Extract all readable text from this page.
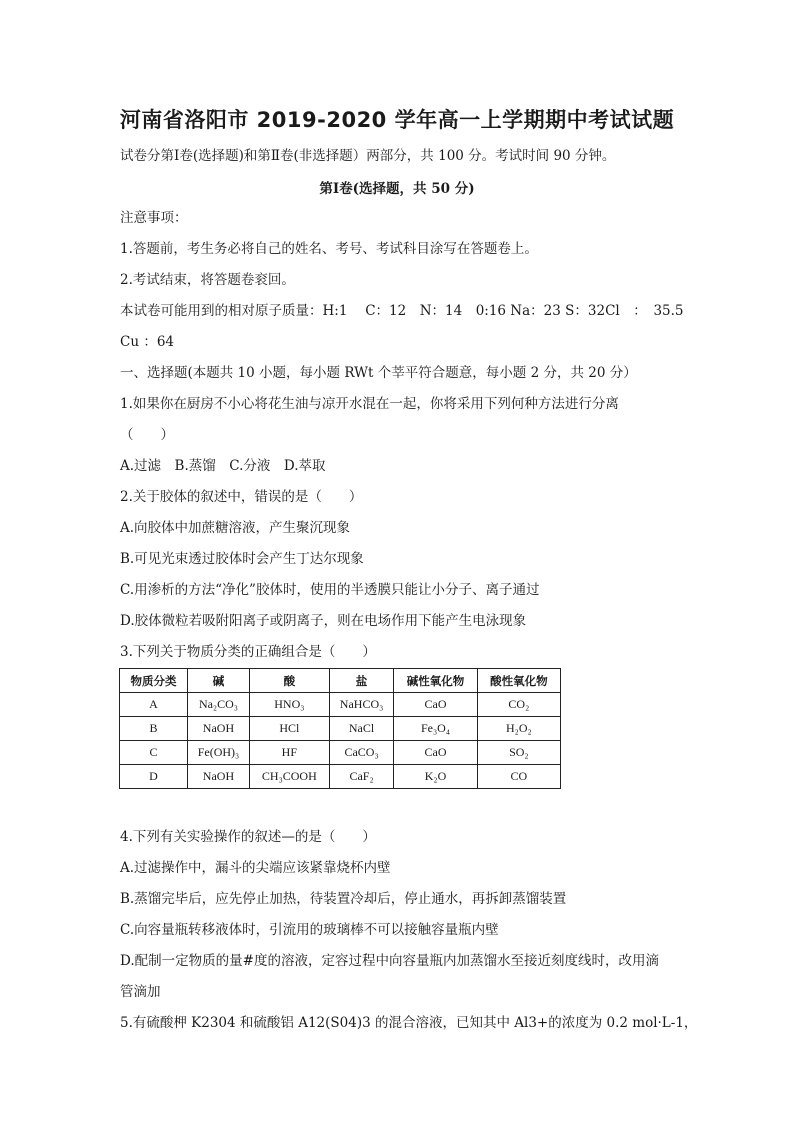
河南省洛阳市 2019-2020 学年高一上学期期中考试试题
试卷分第Ⅰ卷(选择题)和第Ⅱ卷(非选择题）两部分，共 100 分。考试时间 90 分钟。
第Ⅰ卷(选择题，共 50 分)
注意事项：
1.答题前，考生务必将自己的姓名、考号、考试科目涂写在答题卷上。
2.考试结束，将答题卷衮回。
本试卷可能用到的相对原子质量：H:1　 C：12　N：14　0:16 Na：23 S：32Cl　：　35.5
Cu ：64
一、选择题(本题共 10 小题，每小题 RWt 个莘平符合题意，每小题 2 分，共 20 分）
1.如果你在厨房不小心将花生油与凉开水混在一起，你将采用下列何种方法进行分离
（　　）
A.过滤　B.蒸馏　C.分液　D.萃取
2.关于胶体的叙述中，错误的是（　　）
A.向胶体中加蔗糖溶液，产生聚沉现象
B.可见光束透过胶体时会产生丁达尔现象
C.用渗析的方法“净化”胶体时，使用的半透膜只能让小分子、离子通过
D.胶体微粒若吸附阳离子或阴离子，则在电场作用下能产生电泳现象
3.下列关于物质分类的正确组合是（　　）
物质分类	碱	酸	盐	碱性氧化物	酸性氧化物
A	Na₂CO₃	HNO₃	NaHCO₃	CaO	CO₂
B	NaOH	HCl	NaCl	Fe₃O₄	H₂O₂
C	Fe(OH)₃	HF	CaCO₃	CaO	SO₂
D	NaOH	CH₃COOH	CaF₂	K₂O	CO
4.下列有关实验操作的叙述—的是（　　）
A.过滤操作中，漏斗的尖端应该紧靠烧杯内壁
B.蒸馏完毕后，应先停止加热，待装置冷却后，停止通水，再拆卸蒸馏装置
C.向容量瓶转移液体时，引流用的玻璃棒不可以接触容量瓶内壁
D.配制一定物质的量#度的溶液，定容过程中向容量瓶内加蒸馏水至接近刻度线时，改用滴
管滴加
5.有硫酸柙 K2304 和硫酸铝 A12(S04)3 的混合溶液，已知其中 Al3+的浓度为 0.2 mol·L-1，
